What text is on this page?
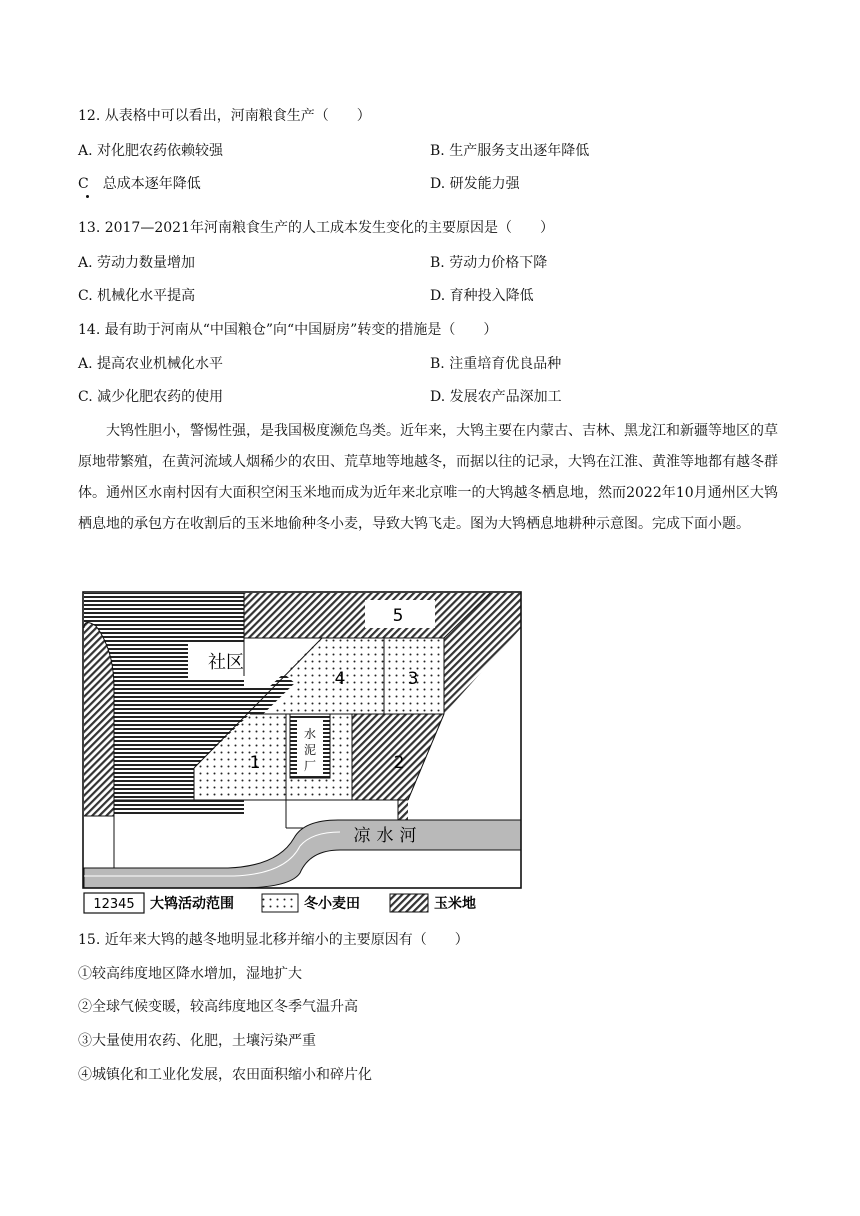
12. 从表格中可以看出，河南粮食生产（　　）
A. 对化肥农药依赖较强	B. 生产服务支出逐年降低
C　总成本逐年降低	D. 研发能力强
13. 2017—2021年河南粮食生产的人工成本发生变化的主要原因是（　　）
A. 劳动力数量增加	B. 劳动力价格下降
C. 机械化水平提高	D. 育种投入降低
14. 最有助于河南从“中国粮仓”向“中国厨房”转变的措施是（　　）
A. 提高农业机械化水平	B. 注重培育优良品种
C. 减少化肥农药的使用	D. 发展农产品深加工
大鸨性胆小，警惕性强，是我国极度濒危鸟类。近年来，大鸨主要在内蒙古、吉林、黑龙江和新疆等地区的草原地带繁殖，在黄河流域人烟稀少的农田、荒草地等地越冬，而据以往的记录，大鸨在江淮、黄淮等地都有越冬群体。通州区水南村因有大面积空闲玉米地而成为近年来北京唯一的大鸨越冬栖息地，然而2022年10月通州区大鸨栖息地的承包方在收割后的玉米地偷种冬小麦，导致大鸨飞走。图为大鸨栖息地耕种示意图。完成下面小题。
社区
5
4	3
1	2
水
泥
厂
凉水河
12345 大鸨活动范围	冬小麦田	玉米地
15. 近年来大鸨的越冬地明显北移并缩小的主要原因有（　　）
①较高纬度地区降水增加，湿地扩大
②全球气候变暖，较高纬度地区冬季气温升高
③大量使用农药、化肥，土壤污染严重
④城镇化和工业化发展，农田面积缩小和碎片化
